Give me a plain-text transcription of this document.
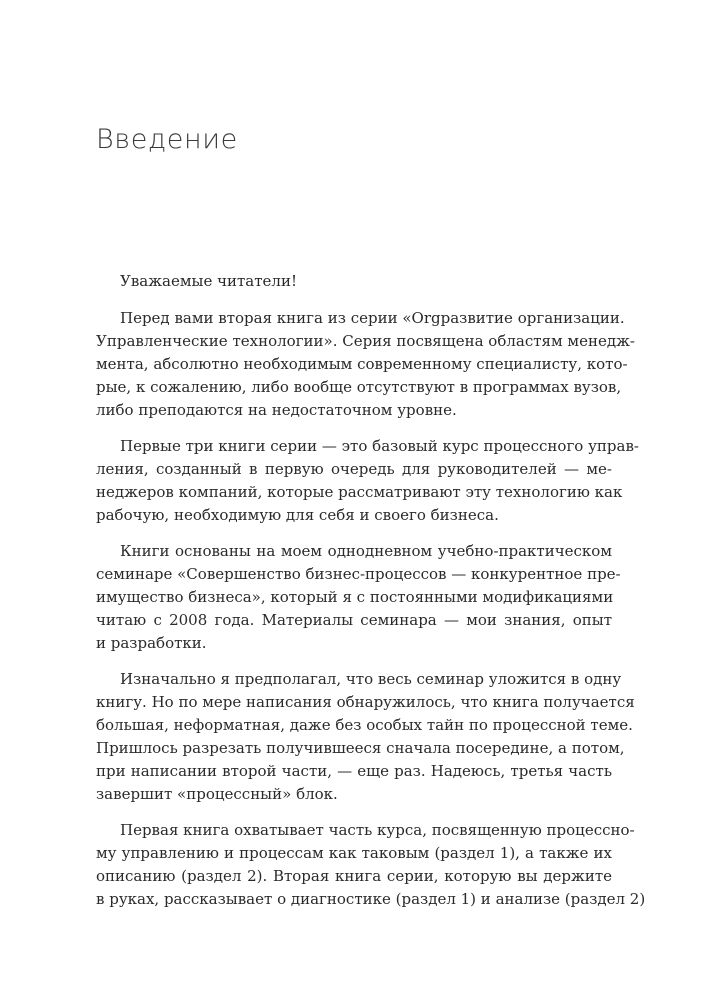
Введение

Уважаемые читатели!

Перед вами вторая книга из серии «Orgразвитие организации.
Управленческие технологии». Серия посвящена областям менедж-
мента, абсолютно необходимым современному специалисту, кото-
рые, к сожалению, либо вообще отсутствуют в программах вузов,
либо преподаются на недостаточном уровне.

Первые три книги серии — это базовый курс процессного управ-
ления, созданный в первую очередь для руководителей — ме-
неджеров компаний, которые рассматривают эту технологию как
рабочую, необходимую для себя и своего бизнеса.

Книги основаны на моем однодневном учебно-практическом
семинаре «Совершенство бизнес-процессов — конкурентное пре-
имущество бизнеса», который я с постоянными модификациями
читаю с 2008 года. Материалы семинара — мои знания, опыт
и разработки.

Изначально я предполагал, что весь семинар уложится в одну
книгу. Но по мере написания обнаружилось, что книга получается
большая, неформатная, даже без особых тайн по процессной теме.
Пришлось разрезать получившееся сначала посередине, а потом,
при написании второй части, — еще раз. Надеюсь, третья часть
завершит «процессный» блок.

Первая книга охватывает часть курса, посвященную процессно-
му управлению и процессам как таковым (раздел 1), а также их
описанию (раздел 2). Вторая книга серии, которую вы держите
в руках, рассказывает о диагностике (раздел 1) и анализе (раздел 2)
